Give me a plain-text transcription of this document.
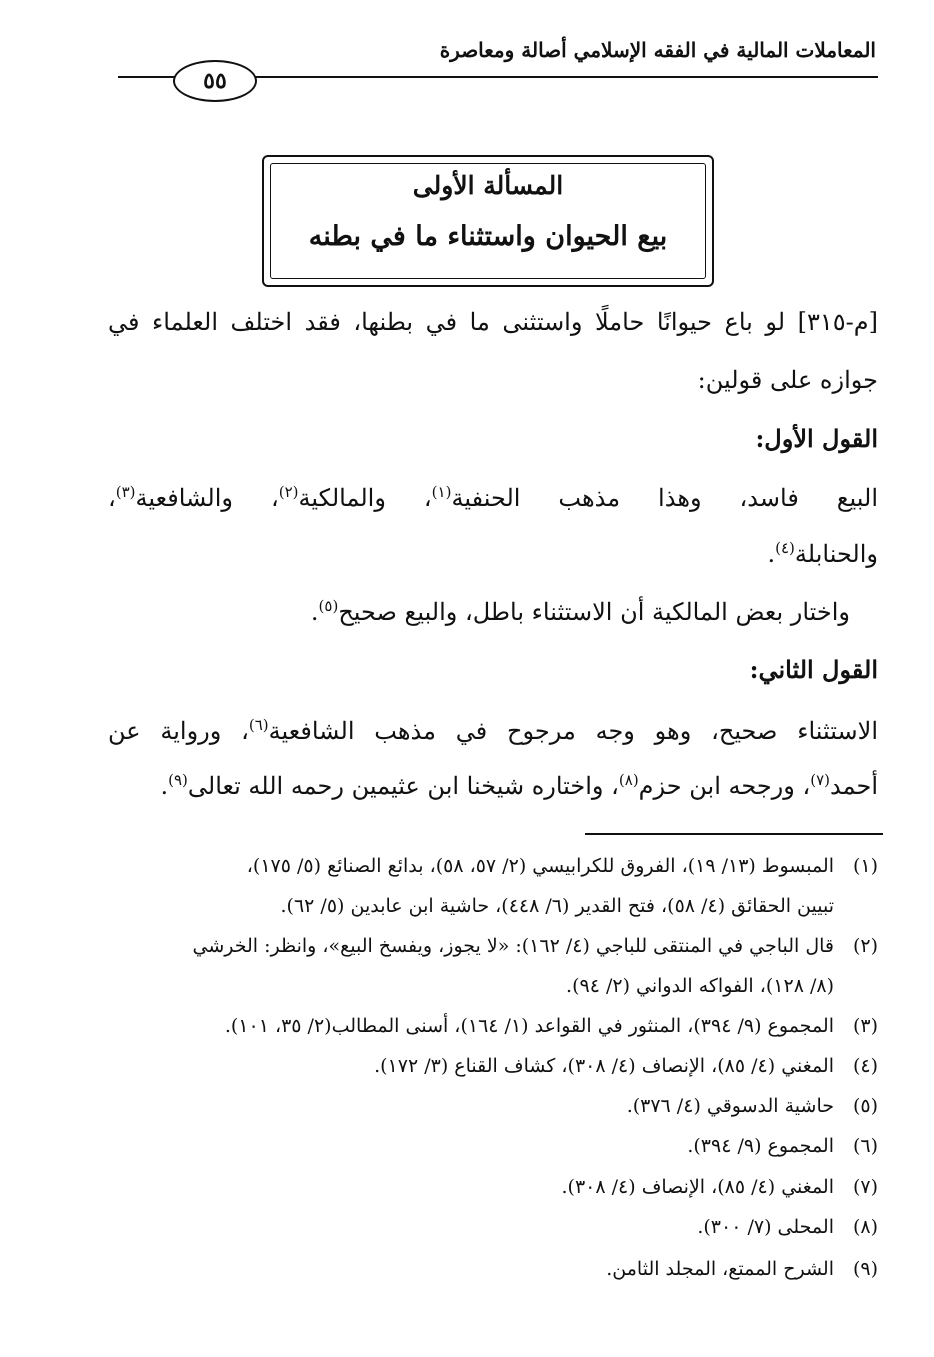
المعاملات المالية في الفقه الإسلامي أصالة ومعاصرة
٥٥
المسألة الأولى
بيع الحيوان واستثناء ما في بطنه
[م-٣١٥] لو باع حيوانًا حاملًا واستثنى ما في بطنها، فقد اختلف العلماء في
جوازه على قولين:
القول الأول:
البيع فاسد، وهذا مذهب الحنفية$^{(١)}$، والمالكية$^{(٢)}$، والشافعية$^{(٣)}$،
والحنابلة$^{(٤)}$.
واختار بعض المالكية أن الاستثناء باطل، والبيع صحيح$^{(٥)}$.
القول الثاني:
الاستثناء صحيح، وهو وجه مرجوح في مذهب الشافعية$^{(٦)}$، ورواية عن
أحمد$^{(٧)}$، ورجحه ابن حزم$^{(٨)}$، واختاره شيخنا ابن عثيمين رحمه الله تعالى$^{(٩)}$.
(١)المبسوط (١٣/ ١٩)، الفروق للكرابيسي (٢/ ٥٧، ٥٨)، بدائع الصنائع (٥/ ١٧٥)،
تبيين الحقائق (٤/ ٥٨)، فتح القدير (٦/ ٤٤٨)، حاشية ابن عابدين (٥/ ٦٢).
(٢)قال الباجي في المنتقى للباجي (٤/ ١٦٢): «لا يجوز، ويفسخ البيع»، وانظر: الخرشي
(٨/ ١٢٨)، الفواكه الدواني (٢/ ٩٤).
(٣)المجموع (٩/ ٣٩٤)، المنثور في القواعد (١/ ١٦٤)، أسنى المطالب(٢/ ٣٥، ١٠١).
(٤)المغني (٤/ ٨٥)، الإنصاف (٤/ ٣٠٨)، كشاف القناع (٣/ ١٧٢).
(٥)حاشية الدسوقي (٤/ ٣٧٦).
(٦)المجموع (٩/ ٣٩٤).
(٧)المغني (٤/ ٨٥)، الإنصاف (٤/ ٣٠٨).
(٨)المحلى (٧/ ٣٠٠).
(٩)الشرح الممتع، المجلد الثامن.
